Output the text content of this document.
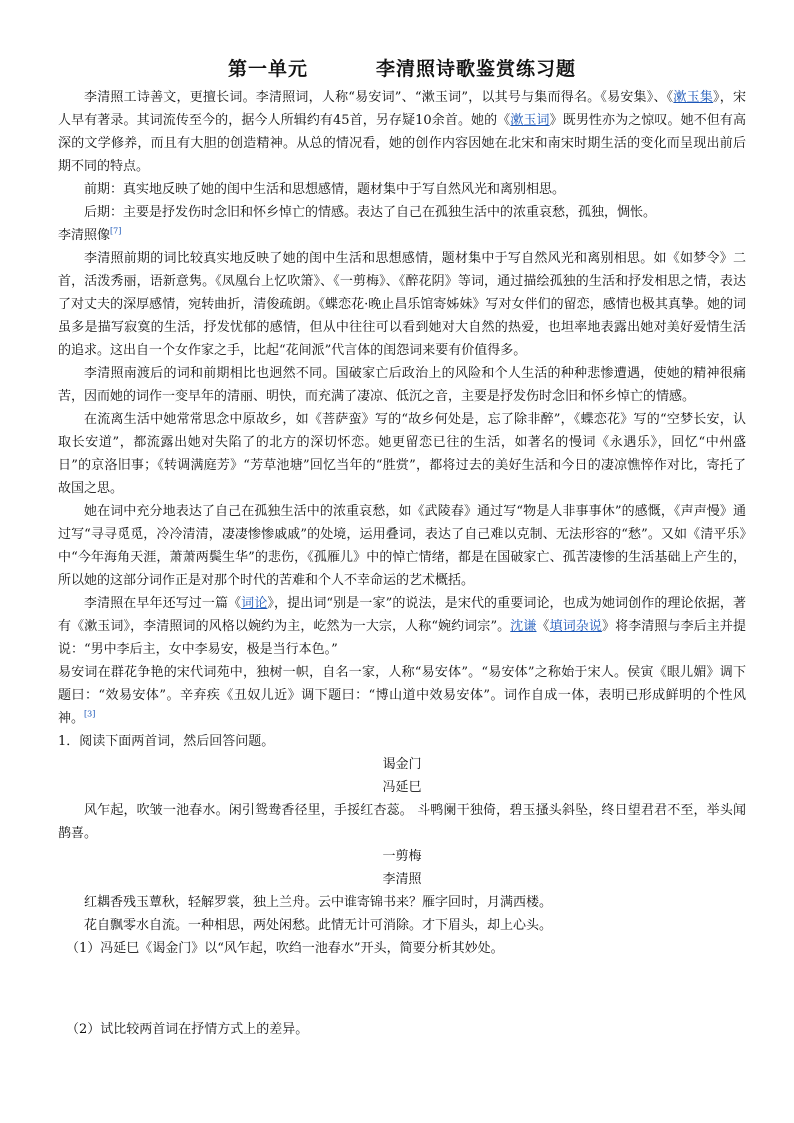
第一单元	李清照诗歌鉴赏练习题

李清照工诗善文，更擅长词。李清照词，人称“易安词”、“漱玉词”，以其号与集而得名。《易安集》、《漱玉集》，宋人早有著录。其词流传至今的，据今人所辑约有45首，另存疑10余首。她的《漱玉词》既男性亦为之惊叹。她不但有高深的文学修养，而且有大胆的创造精神。从总的情况看，她的创作内容因她在北宋和南宋时期生活的变化而呈现出前后期不同的特点。

前期：真实地反映了她的闺中生活和思想感情，题材集中于写自然风光和离别相思。

后期：主要是抒发伤时念旧和怀乡悼亡的情感。表达了自己在孤独生活中的浓重哀愁，孤独，惆怅。

李清照像[7]

李清照前期的词比较真实地反映了她的闺中生活和思想感情，题材集中于写自然风光和离别相思。如《如梦令》二首，活泼秀丽，语新意隽。《凤凰台上忆吹箫》、《一剪梅》、《醉花阴》等词，通过描绘孤独的生活和抒发相思之情，表达了对丈夫的深厚感情，宛转曲折，清俊疏朗。《蝶恋花·晚止昌乐馆寄姊妹》写对女伴们的留恋，感情也极其真挚。她的词虽多是描写寂寞的生活，抒发忧郁的感情，但从中往往可以看到她对大自然的热爱，也坦率地表露出她对美好爱情生活的追求。这出自一个女作家之手，比起“花间派”代言体的闺怨词来要有价值得多。

李清照南渡后的词和前期相比也迥然不同。国破家亡后政治上的风险和个人生活的种种悲惨遭遇，使她的精神很痛苦，因而她的词作一变早年的清丽、明快，而充满了凄凉、低沉之音，主要是抒发伤时念旧和怀乡悼亡的情感。

在流离生活中她常常思念中原故乡，如《菩萨蛮》写的“故乡何处是，忘了除非醉”，《蝶恋花》写的“空梦长安，认取长安道”，都流露出她对失陷了的北方的深切怀恋。她更留恋已往的生活，如著名的慢词《永遇乐》，回忆“中州盛日”的京洛旧事；《转调满庭芳》“芳草池塘”回忆当年的“胜赏”，都将过去的美好生活和今日的凄凉憔悴作对比，寄托了故国之思。

她在词中充分地表达了自己在孤独生活中的浓重哀愁，如《武陵春》通过写“物是人非事事休”的感慨，《声声慢》通过写“寻寻觅觅，冷冷清清，凄凄惨惨戚戚”的处境，运用叠词，表达了自己难以克制、无法形容的“愁”。又如《清平乐》中“今年海角天涯，萧萧两鬓生华”的悲伤，《孤雁儿》中的悼亡情绪，都是在国破家亡、孤苦凄惨的生活基础上产生的，所以她的这部分词作正是对那个时代的苦难和个人不幸命运的艺术概括。

李清照在早年还写过一篇《词论》，提出词“别是一家”的说法，是宋代的重要词论，也成为她词创作的理论依据，著有《漱玉词》，李清照词的风格以婉约为主，屹然为一大宗，人称“婉约词宗”。沈谦《填词杂说》将李清照与李后主并提说：“男中李后主，女中李易安，极是当行本色。”

易安词在群花争艳的宋代词苑中，独树一帜，自名一家，人称“易安体”。“易安体”之称始于宋人。侯寅《眼儿媚》调下题曰：“效易安体”。辛弃疾《丑奴儿近》调下题曰：“博山道中效易安体”。词作自成一体，表明已形成鲜明的个性风神。[3]

1．阅读下面两首词，然后回答问题。

谒金门

冯延巳

风乍起，吹皱一池春水。闲引鸳鸯香径里，手挼红杏蕊。 斗鸭阑干独倚，碧玉搔头斜坠，终日望君君不至，举头闻鹊喜。

一剪梅

李清照

红耦香残玉蕈秋，轻解罗裳，独上兰舟。云中谁寄锦书来？雁字回时，月满西楼。

花自飘零水自流。一种相思，两处闲愁。此情无计可消除。才下眉头，却上心头。

（1）冯延巳《谒金门》以“风乍起，吹绉一池春水”开头，简要分析其妙处。

（2）试比较两首词在抒情方式上的差异。
